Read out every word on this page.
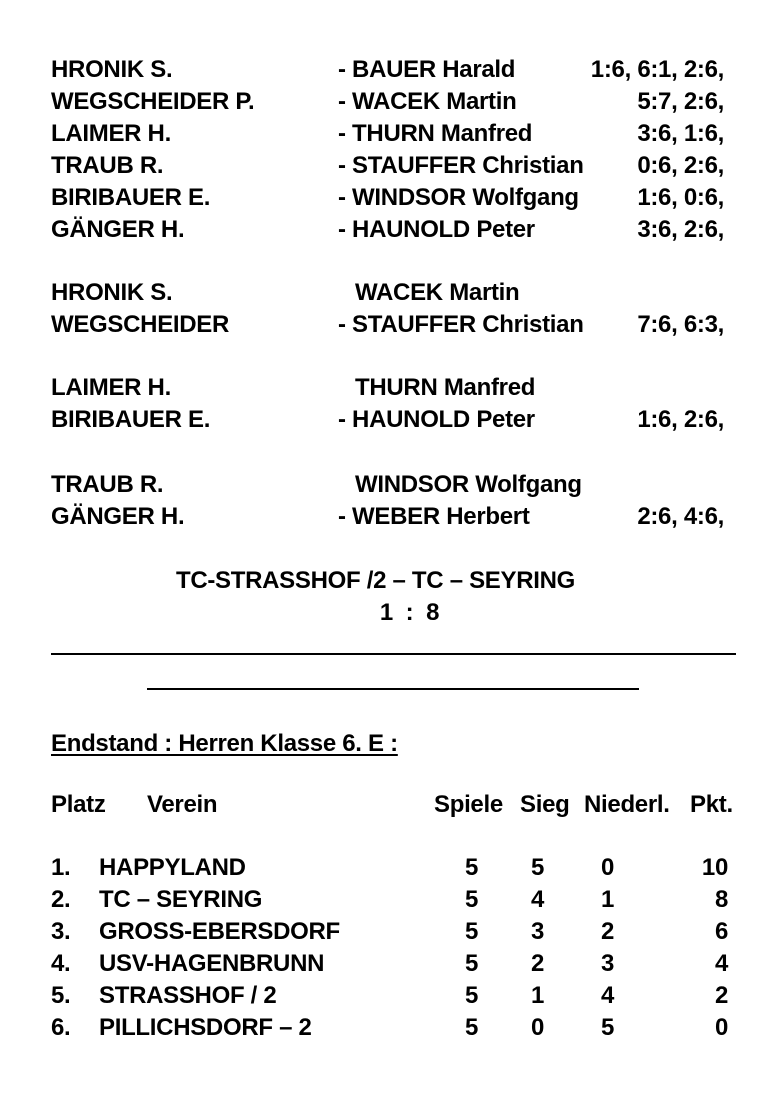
HRONIK S.	- BAUER Harald	1:6, 6:1, 2:6,
WEGSCHEIDER P.	- WACEK Martin	5:7, 2:6,
LAIMER H.	- THURN Manfred	3:6, 1:6,
TRAUB R.	- STAUFFER Christian	0:6, 2:6,
BIRIBAUER E.	- WINDSOR Wolfgang	1:6, 0:6,
GÄNGER H.	- HAUNOLD Peter	3:6, 2:6,
HRONIK S.	WACEK Martin
WEGSCHEIDER	- STAUFFER Christian	7:6, 6:3,
LAIMER H.	THURN Manfred
BIRIBAUER E.	- HAUNOLD Peter	1:6, 2:6,
TRAUB R.	WINDSOR Wolfgang
GÄNGER H.	- WEBER Herbert	2:6, 4:6,
TC-STRASSHOF /2 – TC – SEYRING
1  :  8
Endstand : Herren Klasse 6. E :
Platz Verein	Spiele Sieg Niederl. Pkt.
1. HAPPYLAND	5	5	0	10
2. TC – SEYRING	5	4	1	8
3. GROSS-EBERSDORF	5	3	2	6
4. USV-HAGENBRUNN	5	2	3	4
5. STRASSHOF / 2	5	1	4	2
6. PILLICHSDORF – 2	5	0	5	0
